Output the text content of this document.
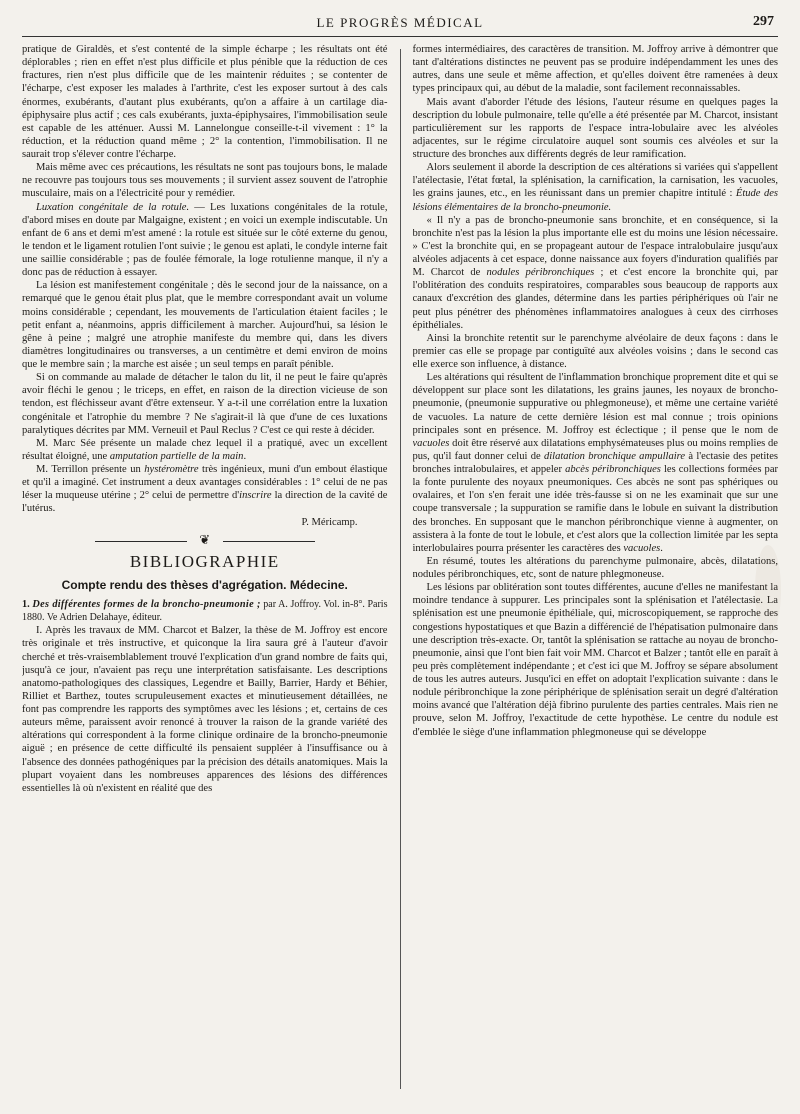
LE PROGRÈS MÉDICAL	297

pratique de Giraldès, et s'est contenté de la simple écharpe ; les résultats ont été déplorables ; rien en effet n'est plus difficile et plus pénible que la réduction de ces fractures, rien n'est plus difficile que de les maintenir réduites ; se contenter de l'écharpe, c'est exposer les malades à l'arthrite, c'est les exposer surtout à des cals énormes, exubérants, d'autant plus exubérants, qu'on a affaire à un cartilage dia-épiphysaire plus actif ; ces cals exubérants, juxta-épiphysaires, l'immobilisation seule est capable de les atténuer. Aussi M. Lannelongue conseille-t-il vivement : 1° la réduction, et la réduction quand même ; 2° la contention, l'immobilisation. Il ne saurait trop s'élever contre l'écharpe.

Mais même avec ces précautions, les résultats ne sont pas toujours bons, le malade ne recouvre pas toujours tous ses mouvements ; il survient assez souvent de l'atrophie musculaire, mais on a l'électricité pour y remédier.

Luxation congénitale de la rotule. — Les luxations congénitales de la rotule, d'abord mises en doute par Malgaigne, existent ; en voici un exemple indiscutable. Un enfant de 6 ans et demi m'est amené : la rotule est située sur le côté externe du genou, le tendon et le ligament rotulien l'ont suivie ; le genou est aplati, le condyle interne fait une saillie considérable ; pas de foulée fémorale, la loge rotulienne manque, il n'y a donc pas de réduction à essayer.

La lésion est manifestement congénitale ; dès le second jour de la naissance, on a remarqué que le genou était plus plat, que le membre correspondant avait un volume moins considérable ; cependant, les mouvements de l'articulation étaient faciles ; le petit enfant a, néanmoins, appris difficilement à marcher. Aujourd'hui, sa lésion le gêne à peine ; malgré une atrophie manifeste du membre qui, dans les divers diamètres longitudinaires ou transverses, a un centimètre et demi environ de moins que le membre sain ; la marche est aisée ; un seul temps en paraît pénible.

Si on commande au malade de détacher le talon du lit, il ne peut le faire qu'après avoir fléchi le genou ; le triceps, en effet, en raison de la direction vicieuse de son tendon, est fléchisseur avant d'être extenseur. Y a-t-il une corrélation entre la luxation congénitale et l'atrophie du membre ? Ne s'agirait-il là que d'une de ces luxations paralytiques décrites par MM. Verneuil et Paul Reclus ? C'est ce qui reste à décider.

M. Marc Sée présente un malade chez lequel il a pratiqué, avec un excellent résultat éloigné, une amputation partielle de la main.

M. Terrillon présente un hystéromètre très ingénieux, muni d'un embout élastique et qu'il a imaginé. Cet instrument a deux avantages considérables : 1° celui de ne pas léser la muqueuse utérine ; 2° celui de permettre d'inscrire la direction de la cavité de l'utérus.

P. Méricamp.
❦
BIBLIOGRAPHIE
Compte rendu des thèses d'agrégation. Médecine.

1. Des différentes formes de la broncho-pneumonie ; par A. Joffroy. Vol. in-8°. Paris 1880. Ve Adrien Delahaye, éditeur.

I. Après les travaux de MM. Charcot et Balzer, la thèse de M. Joffroy est encore très originale et très instructive, et quiconque la lira saura gré à l'auteur d'avoir cherché et très-vraisemblablement trouvé l'explication d'un grand nombre de faits qui, jusqu'à ce jour, n'avaient pas reçu une interprétation satisfaisante. Les descriptions anatomo-pathologiques des classiques, Legendre et Bailly, Barrier, Hardy et Béhier, Rilliet et Barthez, toutes scrupuleusement exactes et minutieusement détaillées, ne font pas comprendre les rapports des symptômes avec les lésions ; et, certains de ces auteurs même, paraissent avoir renoncé à trouver la raison de la grande variété des altérations qui correspondent à la forme clinique ordinaire de la broncho-pneumonie aiguë ; en présence de cette difficulté ils pensaient suppléer à l'insuffisance ou à l'absence des données pathogéniques par la précision des détails anatomiques. Mais la plupart voyaient dans les nombreuses apparences des lésions des différences essentielles là où n'existent en réalité que des

formes intermédiaires, des caractères de transition. M. Joffroy arrive à démontrer que tant d'altérations distinctes ne peuvent pas se produire indépendamment les unes des autres, dans une seule et même affection, et qu'elles doivent être ramenées à deux types principaux qui, au début de la maladie, sont facilement reconnaissables.

Mais avant d'aborder l'étude des lésions, l'auteur résume en quelques pages la description du lobule pulmonaire, telle qu'elle a été présentée par M. Charcot, insistant particulièrement sur les rapports de l'espace intra-lobulaire avec les alvéoles adjacentes, sur le régime circulatoire auquel sont soumis ces alvéoles et sur la structure des bronches aux différents degrés de leur ramification.

Alors seulement il aborde la description de ces altérations si variées qui s'appellent l'atélectasie, l'état fœtal, la splénisation, la carnification, la carnisation, les vacuoles, les grains jaunes, etc., en les réunissant dans un premier chapitre intitulé : Étude des lésions élémentaires de la broncho-pneumonie.

« Il n'y a pas de broncho-pneumonie sans bronchite, et en conséquence, si la bronchite n'est pas la lésion la plus importante elle est du moins une lésion nécessaire. » C'est la bronchite qui, en se propageant autour de l'espace intralobulaire jusqu'aux alvéoles adjacents à cet espace, donne naissance aux foyers d'induration qualifiés par M. Charcot de nodules péribronchiques ; et c'est encore la bronchite qui, par l'oblitération des conduits respiratoires, comparables sous beaucoup de rapports aux canaux d'excrétion des glandes, détermine dans les parties périphériques où l'air ne peut plus pénétrer des phénomènes inflammatoires analogues à ceux des cirrhoses épithéliales.

Ainsi la bronchite retentit sur le parenchyme alvéolaire de deux façons : dans le premier cas elle se propage par contiguïté aux alvéoles voisins ; dans le second cas elle exerce son influence, à distance.

Les altérations qui résultent de l'inflammation bronchique proprement dite et qui se développent sur place sont les dilatations, les grains jaunes, les noyaux de broncho-pneumonie, (pneumonie suppurative ou phlegmoneuse), et même une certaine variété de vacuoles. La nature de cette dernière lésion est mal connue ; trois opinions principales sont en présence. M. Joffroy est éclectique ; il pense que le nom de vacuoles doit être réservé aux dilatations emphysémateuses plus ou moins remplies de pus, qu'il faut donner celui de dilatation bronchique ampullaire à l'ectasie des petites bronches intralobulaires, et appeler abcès péribronchiques les collections formées par la fonte purulente des noyaux pneumoniques. Ces abcès ne sont pas sphériques ou ovalaires, et l'on s'en ferait une idée très-fausse si on ne les examinait que sur une coupe transversale ; la suppuration se ramifie dans le lobule en suivant la distribution des bronches. En supposant que le manchon péribronchique vienne à augmenter, on assistera à la fonte de tout le lobule, et c'est alors que la collection limitée par les septa interlobulaires pourra présenter les caractères des vacuoles.

En résumé, toutes les altérations du parenchyme pulmonaire, abcès, dilatations, nodules péribronchiques, etc, sont de nature phlegmoneuse.

Les lésions par oblitération sont toutes différentes, aucune d'elles ne manifestant la moindre tendance à suppurer. Les principales sont la splénisation et l'atélectasie. La splénisation est une pneumonie épithéliale, qui, microscopiquement, se rapproche des congestions hypostatiques et que Bazin a différencié de l'hépatisation pulmonaire dans une description très-exacte. Or, tantôt la splénisation se rattache au noyau de broncho-pneumonie, ainsi que l'ont bien fait voir MM. Charcot et Balzer ; tantôt elle en paraît à peu près complètement indépendante ; et c'est ici que M. Joffroy se sépare absolument de tous les autres auteurs. Jusqu'ici en effet on adoptait l'explication suivante : dans le nodule péribronchique la zone périphérique de splénisation serait un degré d'altération moins avancé que l'altération déjà fibrino purulente des parties centrales. Mais rien ne prouve, selon M. Joffroy, l'exactitude de cette hypothèse. Le centre du nodule est d'emblée le siège d'une inflammation phlegmoneuse qui se développe
